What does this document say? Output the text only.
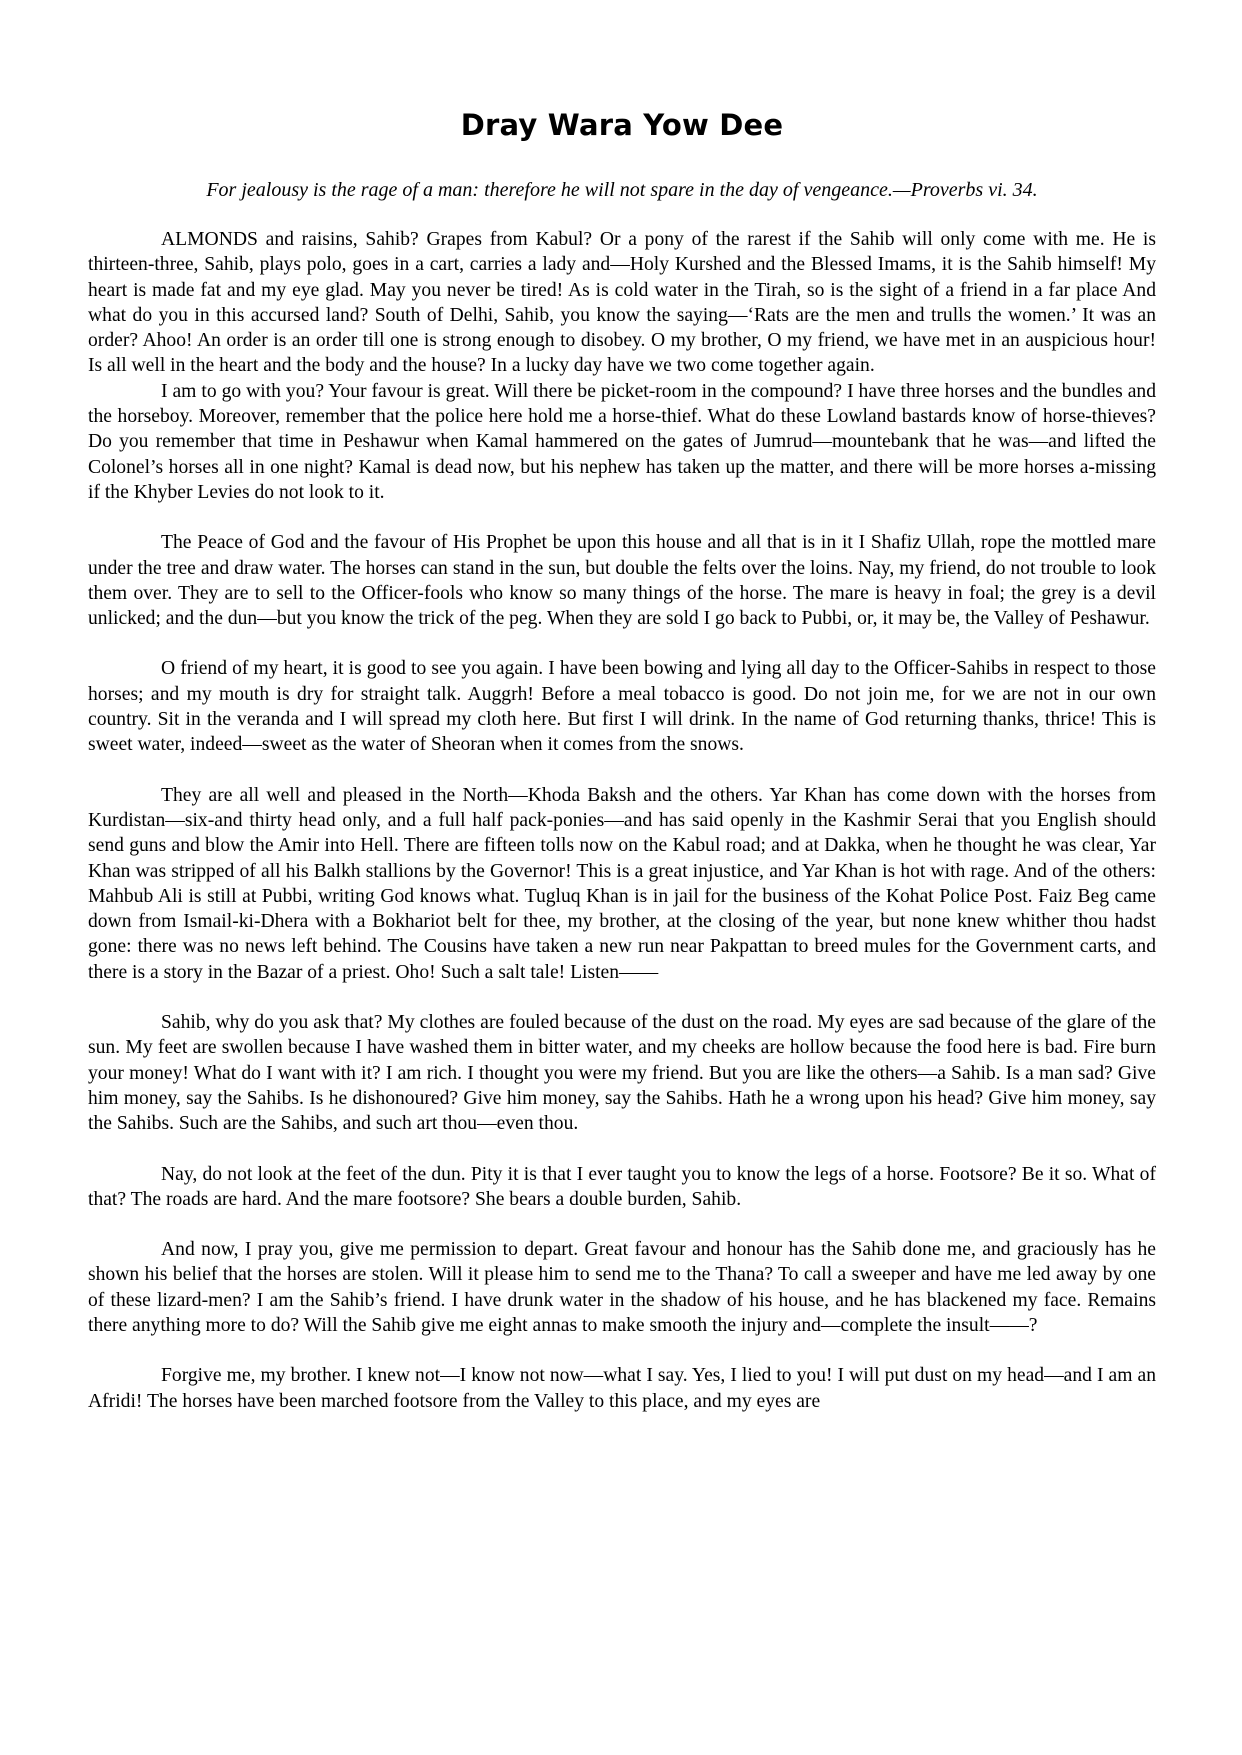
Dray Wara Yow Dee

For jealousy is the rage of a man: therefore he will not spare in the day of vengeance.—Proverbs vi. 34.

ALMONDS and raisins, Sahib? Grapes from Kabul? Or a pony of the rarest if the Sahib will only come with me. He is thirteen-three, Sahib, plays polo, goes in a cart, carries a lady and—Holy Kurshed and the Blessed Imams, it is the Sahib himself! My heart is made fat and my eye glad. May you never be tired! As is cold water in the Tirah, so is the sight of a friend in a far place And what do you in this accursed land? South of Delhi, Sahib, you know the saying—‘Rats are the men and trulls the women.’ It was an order? Ahoo! An order is an order till one is strong enough to disobey. O my brother, O my friend, we have met in an auspicious hour! Is all well in the heart and the body and the house? In a lucky day have we two come together again.

I am to go with you? Your favour is great. Will there be picket-room in the compound? I have three horses and the bundles and the horseboy. Moreover, remember that the police here hold me a horse-thief. What do these Lowland bastards know of horse-thieves? Do you remember that time in Peshawur when Kamal hammered on the gates of Jumrud—mountebank that he was—and lifted the Colonel’s horses all in one night? Kamal is dead now, but his nephew has taken up the matter, and there will be more horses a-missing if the Khyber Levies do not look to it.

The Peace of God and the favour of His Prophet be upon this house and all that is in it I Shafiz Ullah, rope the mottled mare under the tree and draw water. The horses can stand in the sun, but double the felts over the loins. Nay, my friend, do not trouble to look them over. They are to sell to the Officer-fools who know so many things of the horse. The mare is heavy in foal; the grey is a devil unlicked; and the dun—but you know the trick of the peg. When they are sold I go back to Pubbi, or, it may be, the Valley of Peshawur.

O friend of my heart, it is good to see you again. I have been bowing and lying all day to the Officer-Sahibs in respect to those horses; and my mouth is dry for straight talk. Auggrh! Before a meal tobacco is good. Do not join me, for we are not in our own country. Sit in the veranda and I will spread my cloth here. But first I will drink. In the name of God returning thanks, thrice! This is sweet water, indeed—sweet as the water of Sheoran when it comes from the snows.

They are all well and pleased in the North—Khoda Baksh and the others. Yar Khan has come down with the horses from Kurdistan—six-and thirty head only, and a full half pack-ponies—and has said openly in the Kashmir Serai that you English should send guns and blow the Amir into Hell. There are fifteen tolls now on the Kabul road; and at Dakka, when he thought he was clear, Yar Khan was stripped of all his Balkh stallions by the Governor! This is a great injustice, and Yar Khan is hot with rage. And of the others: Mahbub Ali is still at Pubbi, writing God knows what. Tugluq Khan is in jail for the business of the Kohat Police Post. Faiz Beg came down from Ismail-ki-Dhera with a Bokhariot belt for thee, my brother, at the closing of the year, but none knew whither thou hadst gone: there was no news left behind. The Cousins have taken a new run near Pakpattan to breed mules for the Government carts, and there is a story in the Bazar of a priest. Oho! Such a salt tale! Listen——

Sahib, why do you ask that? My clothes are fouled because of the dust on the road. My eyes are sad because of the glare of the sun. My feet are swollen because I have washed them in bitter water, and my cheeks are hollow because the food here is bad. Fire burn your money! What do I want with it? I am rich. I thought you were my friend. But you are like the others—a Sahib. Is a man sad? Give him money, say the Sahibs. Is he dishonoured? Give him money, say the Sahibs. Hath he a wrong upon his head? Give him money, say the Sahibs. Such are the Sahibs, and such art thou—even thou.

Nay, do not look at the feet of the dun. Pity it is that I ever taught you to know the legs of a horse. Footsore? Be it so. What of that? The roads are hard. And the mare footsore? She bears a double burden, Sahib.

And now, I pray you, give me permission to depart. Great favour and honour has the Sahib done me, and graciously has he shown his belief that the horses are stolen. Will it please him to send me to the Thana? To call a sweeper and have me led away by one of these lizard-men? I am the Sahib’s friend. I have drunk water in the shadow of his house, and he has blackened my face. Remains there anything more to do? Will the Sahib give me eight annas to make smooth the injury and—complete the insult——?

Forgive me, my brother. I knew not—I know not now—what I say. Yes, I lied to you! I will put dust on my head—and I am an Afridi! The horses have been marched footsore from the Valley to this place, and my eyes are
